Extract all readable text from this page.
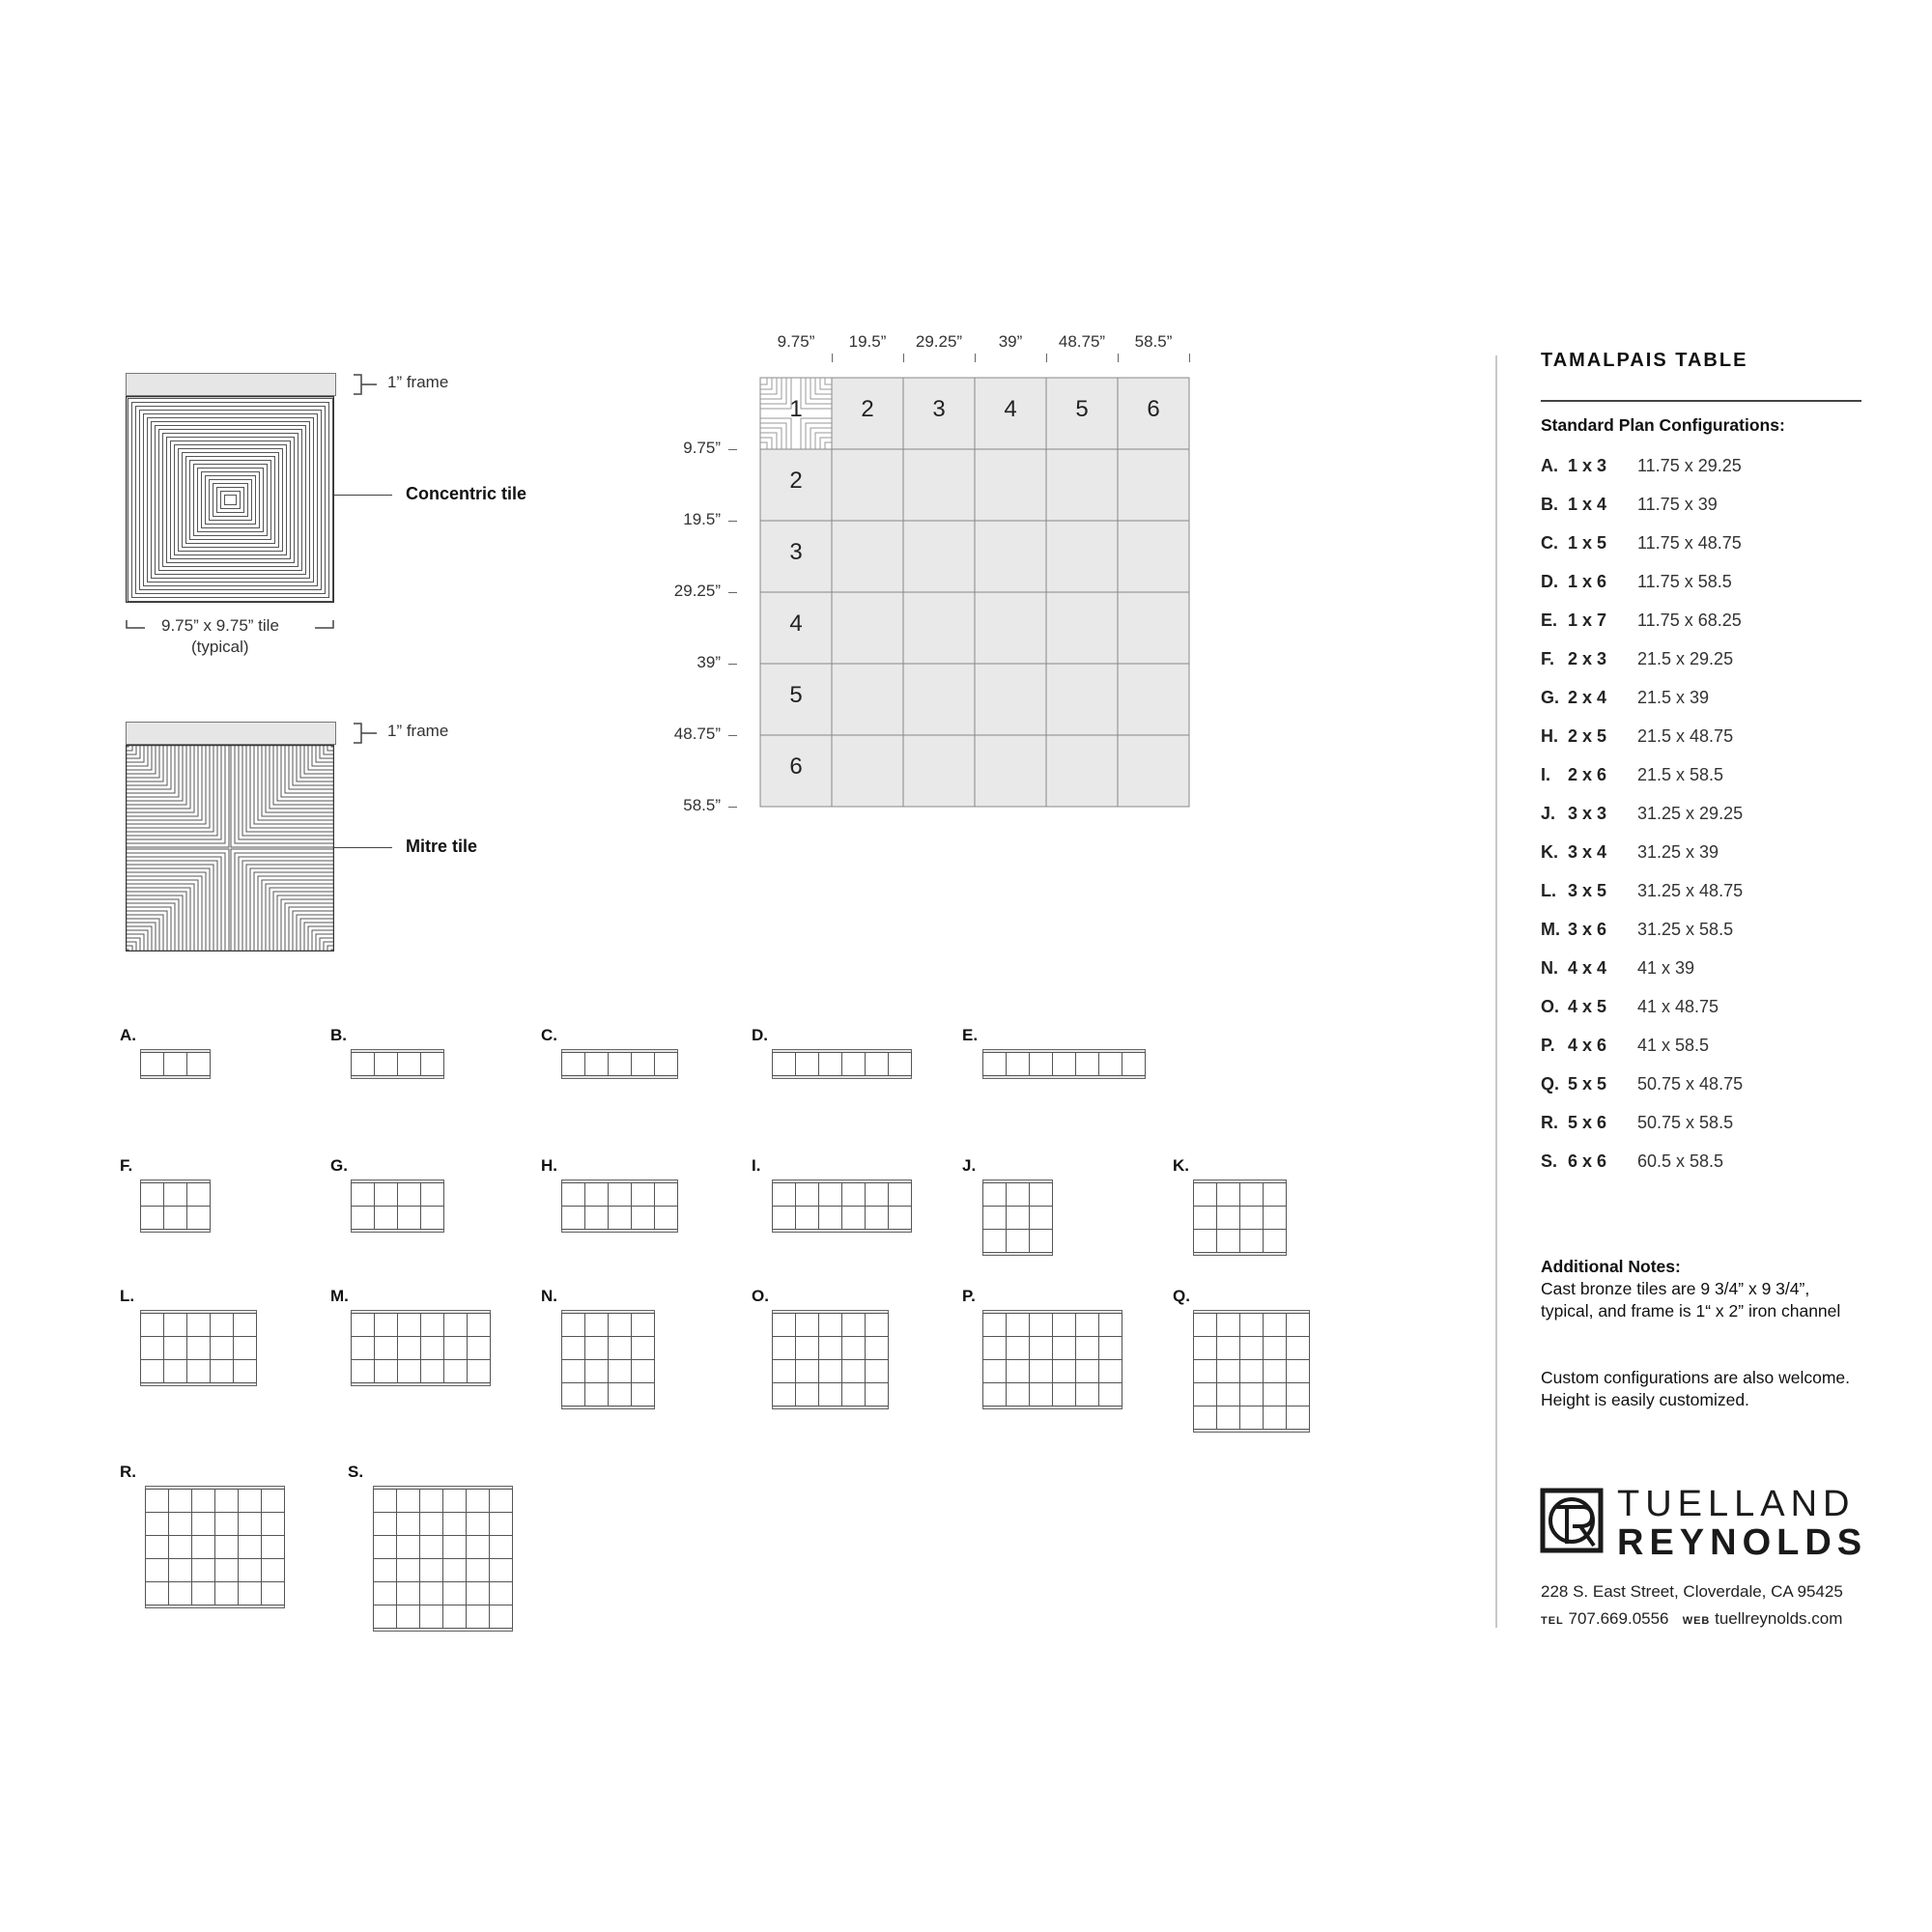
1” frame
Concentric tile
9.75” x 9.75” tile
(typical)
1” frame
Mitre tile
9.75”	19.5”	29.25”	39”	48.75”	58.5”
9.75”
19.5”
29.25”
39”
48.75”
58.5”
1	2	3	4	5	6
2
3
4
5
6
A.	B.	C.	D.	E.
F.	G.	H.	I.	J.	K.
L.	M.	N.	O.	P.	Q.
R.	S.
TAMALPAIS TABLE
Standard Plan Configurations:
A. 1 x 3 11.75 x 29.25
B. 1 x 4 11.75 x 39
C. 1 x 5 11.75 x 48.75
D. 1 x 6 11.75 x 58.5
E. 1 x 7 11.75 x 68.25
F. 2 x 3 21.5 x 29.25
G. 2 x 4 21.5 x 39
H. 2 x 5 21.5 x 48.75
I. 2 x 6 21.5 x 58.5
J. 3 x 3 31.25 x 29.25
K. 3 x 4 31.25 x 39
L. 3 x 5 31.25 x 48.75
M. 3 x 6 31.25 x 58.5
N. 4 x 4 41 x 39
O. 4 x 5 41 x 48.75
P. 4 x 6 41 x 58.5
Q. 5 x 5 50.75 x 48.75
R. 5 x 6 50.75 x 58.5
S. 6 x 6 60.5 x 58.5
Additional Notes:
Cast bronze tiles are 9 3/4” x 9 3/4”,
typical, and frame is 1“ x 2” iron channel
Custom configurations are also welcome.
Height is easily customized.
TUELLAND
REYNOLDS
228 S. East Street, Cloverdale, CA 95425
TEL 707.669.0556 WEB tuellreynolds.com
